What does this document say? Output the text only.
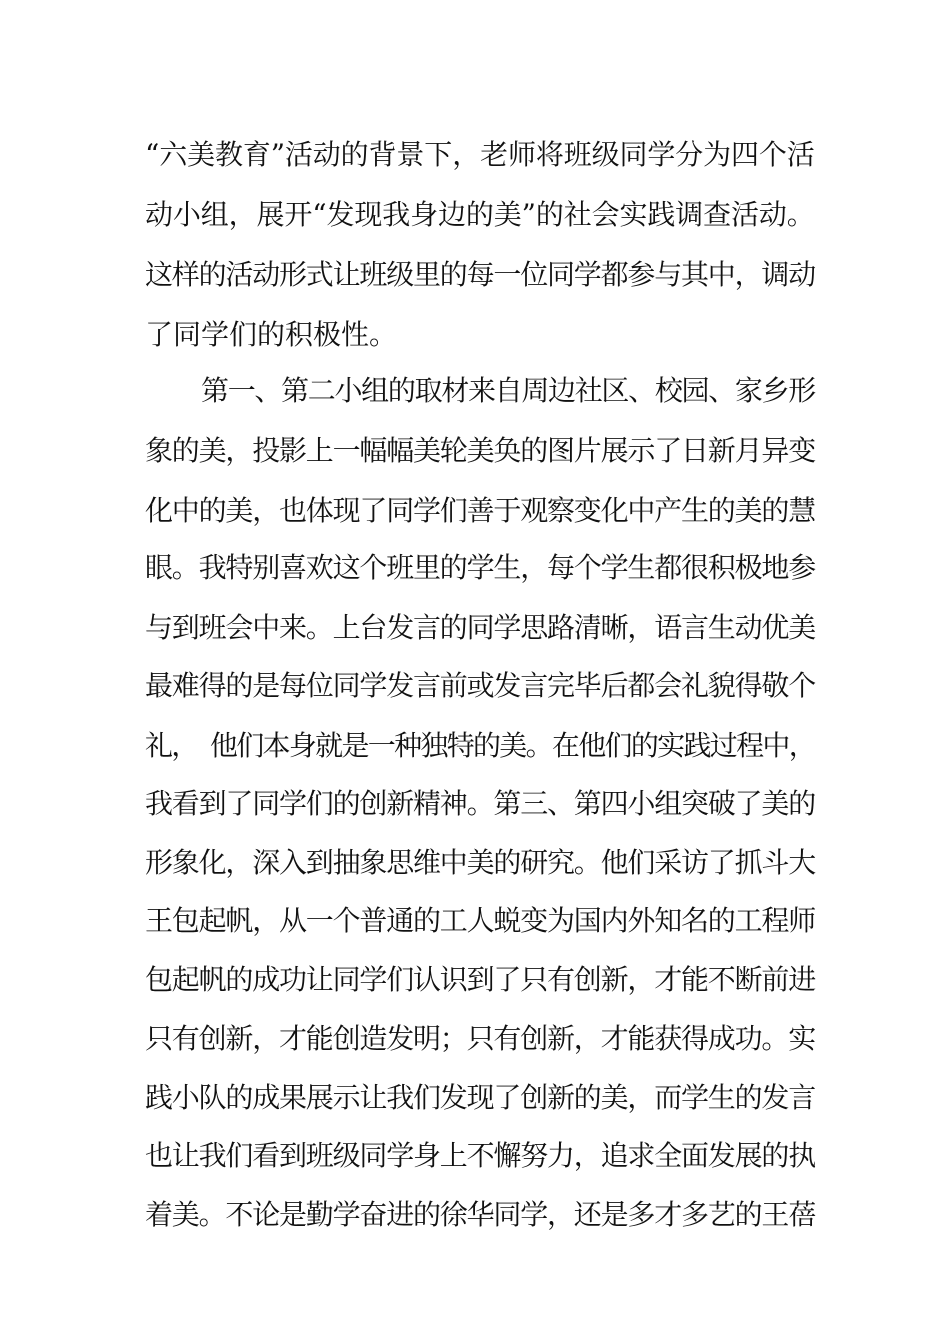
“六美教育”活动的背景下，老师将班级同学分为四个活
动小组，展开“发现我身边的美”的社会实践调查活动。
这样的活动形式让班级里的每一位同学都参与其中，调动
了同学们的积极性。
第一、第二小组的取材来自周边社区、校园、家乡形
象的美，投影上一幅幅美轮美奂的图片展示了日新月异变
化中的美，也体现了同学们善于观察变化中产生的美的慧
眼。我特别喜欢这个班里的学生，每个学生都很积极地参
与到班会中来。上台发言的同学思路清晰，语言生动优美
最难得的是每位同学发言前或发言完毕后都会礼貌得敬个
礼，　他们本身就是一种独特的美。在他们的实践过程中，
我看到了同学们的创新精神。第三、第四小组突破了美的
形象化，深入到抽象思维中美的研究。他们采访了抓斗大
王包起帆，从一个普通的工人蜕变为国内外知名的工程师
包起帆的成功让同学们认识到了只有创新，才能不断前进
只有创新，才能创造发明；只有创新，才能获得成功。实
践小队的成果展示让我们发现了创新的美，而学生的发言
也让我们看到班级同学身上不懈努力，追求全面发展的执
着美。不论是勤学奋进的徐华同学，还是多才多艺的王蓓
